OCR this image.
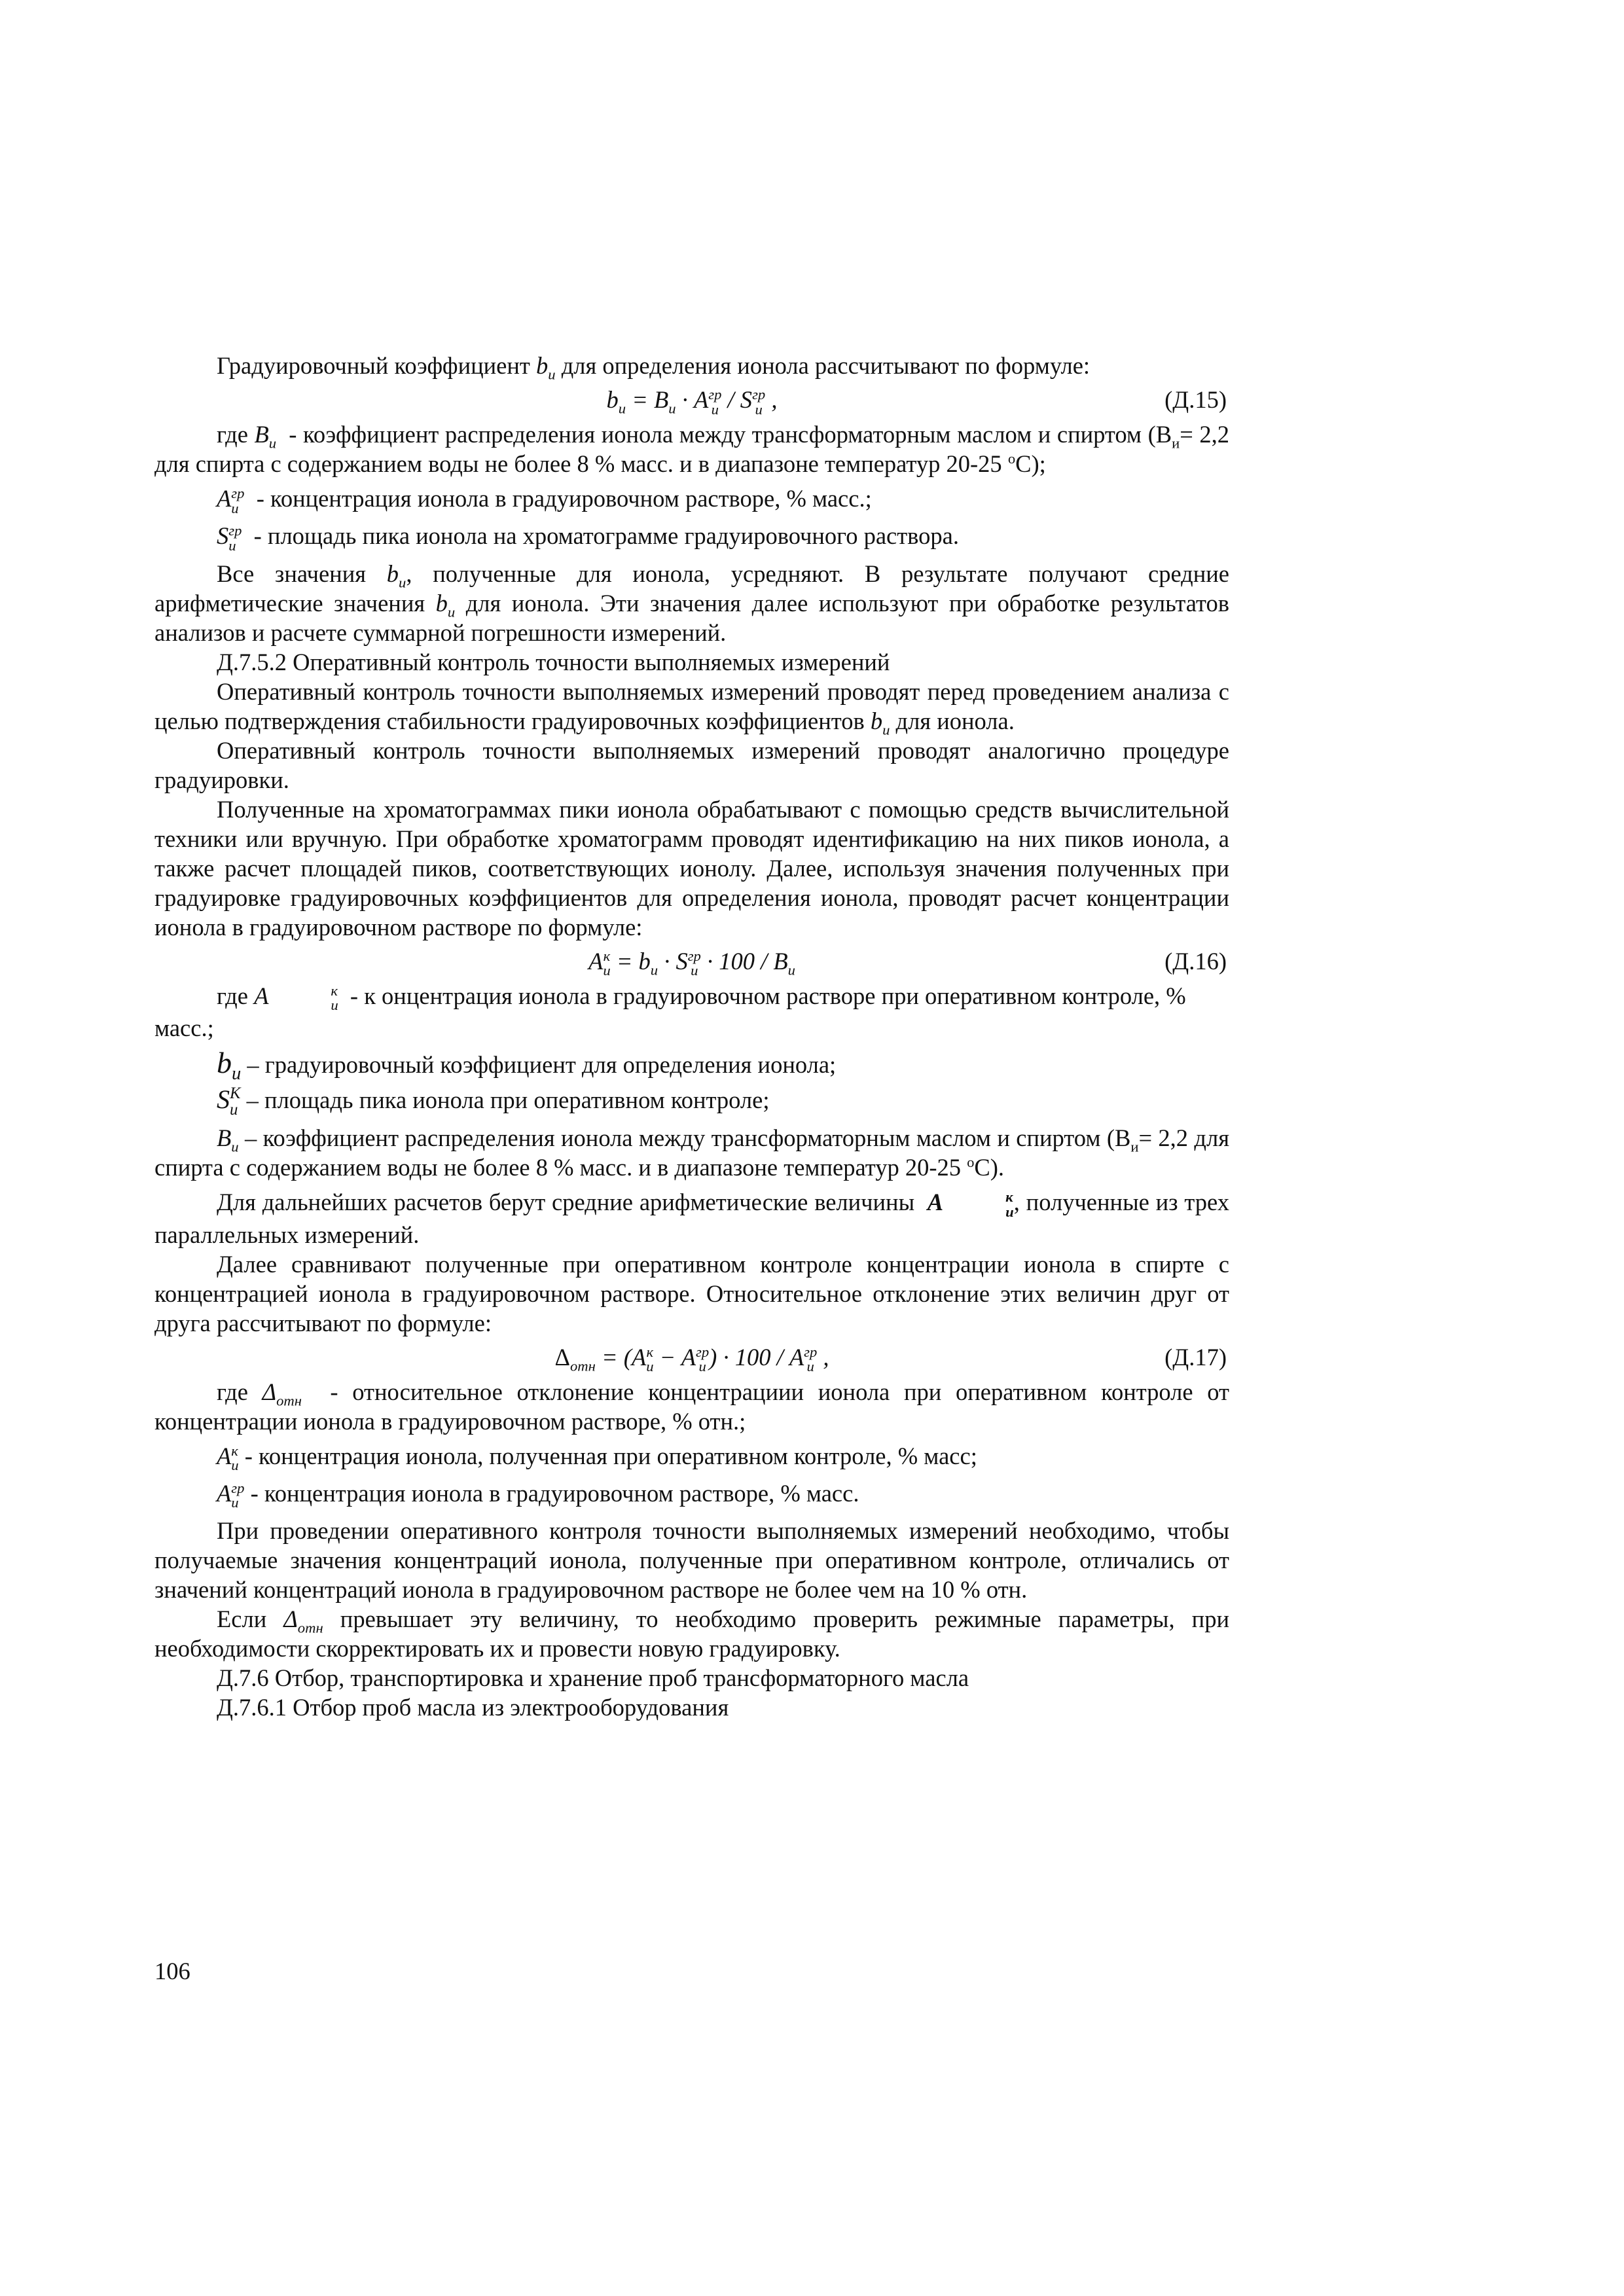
Градуировочный коэффициент $b_и$ для определения ионола рассчитывают по формуле:

$b_и = B_и \cdot A$ гр
и / S гр
и ,	(Д.15)

где $B_и$  - коэффициент распределения ионола между трансформаторным маслом и спиртом ($B_и= 2,2$ для спирта с содержанием воды не более 8 % масс. и в диапазоне температур 20-25 $^о$С);

A гр
и - концентрация ионола в градуировочном растворе, % масс.;

S гр
и - площадь пика ионола на хроматограмме градуировочного раствора.

Все значения $b_и$, полученные для ионола, усредняют. В результате получают средние арифметические значения $b_и$ для ионола. Эти значения далее используют при обработке результатов анализов и расчете суммарной погрешности измерений.

Д.7.5.2 Оперативный контроль точности выполняемых измерений

Оперативный контроль точности выполняемых измерений проводят перед проведением анализа с целью подтверждения стабильности градуировочных коэффициентов $b_и$ для ионола.

Оперативный контроль точности выполняемых измерений проводят аналогично процедуре градуировки.

Полученные на хроматограммах пики ионола обрабатывают с помощью средств вычислительной техники или вручную. При обработке хроматограмм проводят идентификацию на них пиков ионола, а также расчет площадей пиков, соответствующих ионолу. Далее, используя значения полученных при градуировке градуировочных коэффициентов для определения ионола, проводят расчет концентрации ионола в градуировочном растворе по формуле:

A к
$и = b_и \cdot S$ гр
$и \cdot 100 / B_и$	(Д.16)

где A	к
и - к онцентрация ионола в градуировочном растворе при оперативном контроле, % масс.;

$b_u$ – градуировочный коэффициент для определения ионола;

S K
u – площадь пика ионола при оперативном контроле;

$B_и$ – коэффициент распределения ионола между трансформаторным маслом и спиртом ($B_и= 2,2$ для спирта с содержанием воды не более 8 % масс. и в диапазоне температур 20-25 $^о$С).

Для дальнейших расчетов берут средние арифметические величины A	к
и , полученные из трех параллельных измерений.

Далее сравнивают полученные при оперативном контроле концентрации ионола в спирте с концентрацией ионола в градуировочном растворе. Относительное отклонение этих величин друг от друга рассчитывают по формуле:

$\Delta_{отн} = (A$ к
и − A гр
и ) · 100 / A гр
и ,	(Д.17)

где $\Delta_{отн}$  - относительное отклонение концентрациии ионола при оперативном контроле от концентрации ионола в градуировочном растворе, % отн.;

A к
и - концентрация ионола, полученная при оперативном контроле, % масс;

A гр
и - концентрация ионола в градуировочном растворе, % масс.

При проведении оперативного контроля точности выполняемых измерений необходимо, чтобы получаемые значения концентраций ионола, полученные при оперативном контроле, отличались от значений концентраций ионола в градуировочном растворе не более чем на 10 % отн.

Если $\Delta_{отн}$ превышает эту величину, то необходимо проверить режимные параметры, при необходимости скорректировать их и провести новую градуировку.

Д.7.6 Отбор, транспортировка и хранение проб трансформаторного масла

Д.7.6.1 Отбор проб масла из электрооборудования

106
